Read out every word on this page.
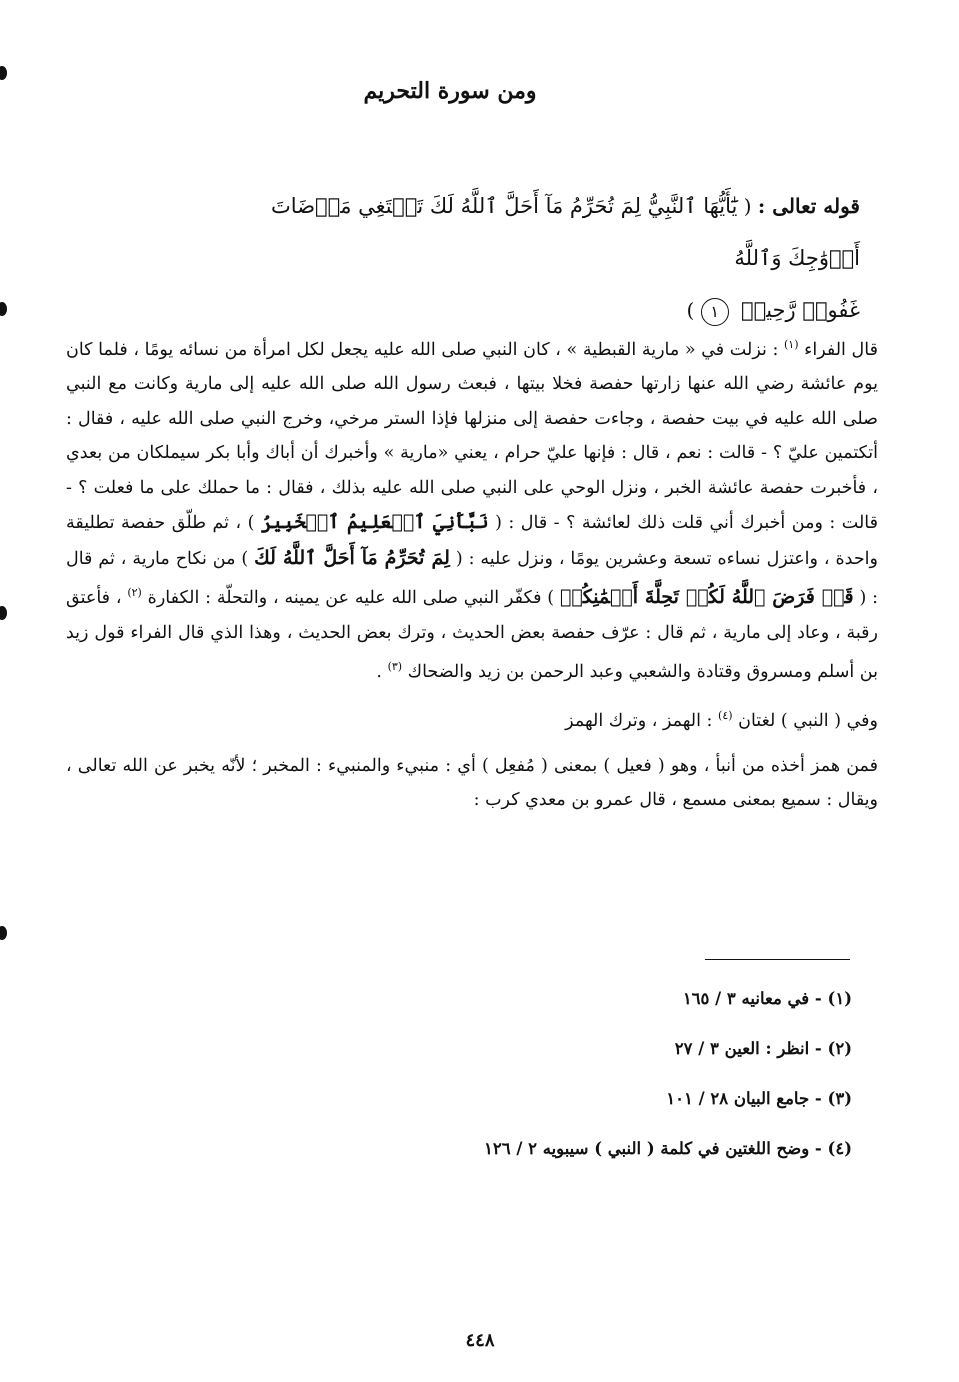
ومن سورة التحريم
قوله تعالى : ( يَٰٓأَيُّهَا ٱلنَّبِيُّ لِمَ تُحَرِّمُ مَآ أَحَلَّ ٱللَّهُ لَكَ تَبۡتَغِي مَرۡضَاتَ أَزۡوَٰجِكَ وَٱللَّهُ
غَفُورٞ رَّحِيمٞ ١ )

قال الفراء $^{(١)}$ : نزلت في « مارية القبطية » ، كان النبي صلى الله عليه يجعل لكل امرأة من نسائه يومًا ، فلما كان يوم عائشة رضي الله عنها زارتها حفصة فخلا بيتها ، فبعث رسول الله صلى الله عليه إلى مارية وكانت مع النبي صلى الله عليه في بيت حفصة ، وجاءت حفصة إلى منزلها فإذا الستر مرخي، وخرج النبي صلى الله عليه ، فقال : أتكتمين عليّ ؟ - قالت : نعم ، قال : فإنها عليّ حرام ، يعني «مارية » وأخبرك أن أباك وأبا بكر سيملكان من بعدي ، فأخبرت حفصة عائشة الخبر ، ونزل الوحي على النبي صلى الله عليه بذلك ، فقال : ما حملك على ما فعلت ؟ - قالت : ومن أخبرك أني قلت ذلك لعائشة ؟ - قال : ( نَبَّأَنِيَ ٱلۡعَلِيمُ ٱلۡخَبِيرُ ) ، ثم طلّق حفصة تطليقة واحدة ، واعتزل نساءه تسعة وعشرين يومًا ، ونزل عليه : ( لِمَ تُحَرِّمُ مَآ أَحَلَّ ٱللَّهُ لَكَ ) من نكاح مارية ، ثم قال : ( قَدۡ فَرَضَ ٱللَّهُ لَكُمۡ تَحِلَّةَ أَيۡمَٰنِكُمۡ ) فكفّر النبي صلى الله عليه عن يمينه ، والتحلّة : الكفارة $^{(٢)}$ ، فأعتق رقبة ، وعاد إلى مارية ، ثم قال : عرّف حفصة بعض الحديث ، وترك بعض الحديث ، وهذا الذي قال الفراء قول زيد بن أسلم ومسروق وقتادة والشعبي وعبد الرحمن بن زيد والضحاك $^{(٣)}$ .

وفي ( النبي ) لغتان $^{(٤)}$ : الهمز ، وترك الهمز

فمن همز أخذه من أنبأ ، وهو ( فعيل ) بمعنى ( مُفعِل ) أي : منبيء والمنبيء : المخبر ؛ لأنّه يخبر عن الله تعالى ، ويقال : سميع بمعنى مسمع ، قال عمرو بن معدي كرب :

(١) - في معانيه ٣ / ١٦٥
(٢) - انظر : العين ٣ / ٢٧
(٣) - جامع البيان ٢٨ / ١٠١
(٤) - وضح اللغتين في كلمة ( النبي ) سيبويه ٢ / ١٢٦
٤٤٨
